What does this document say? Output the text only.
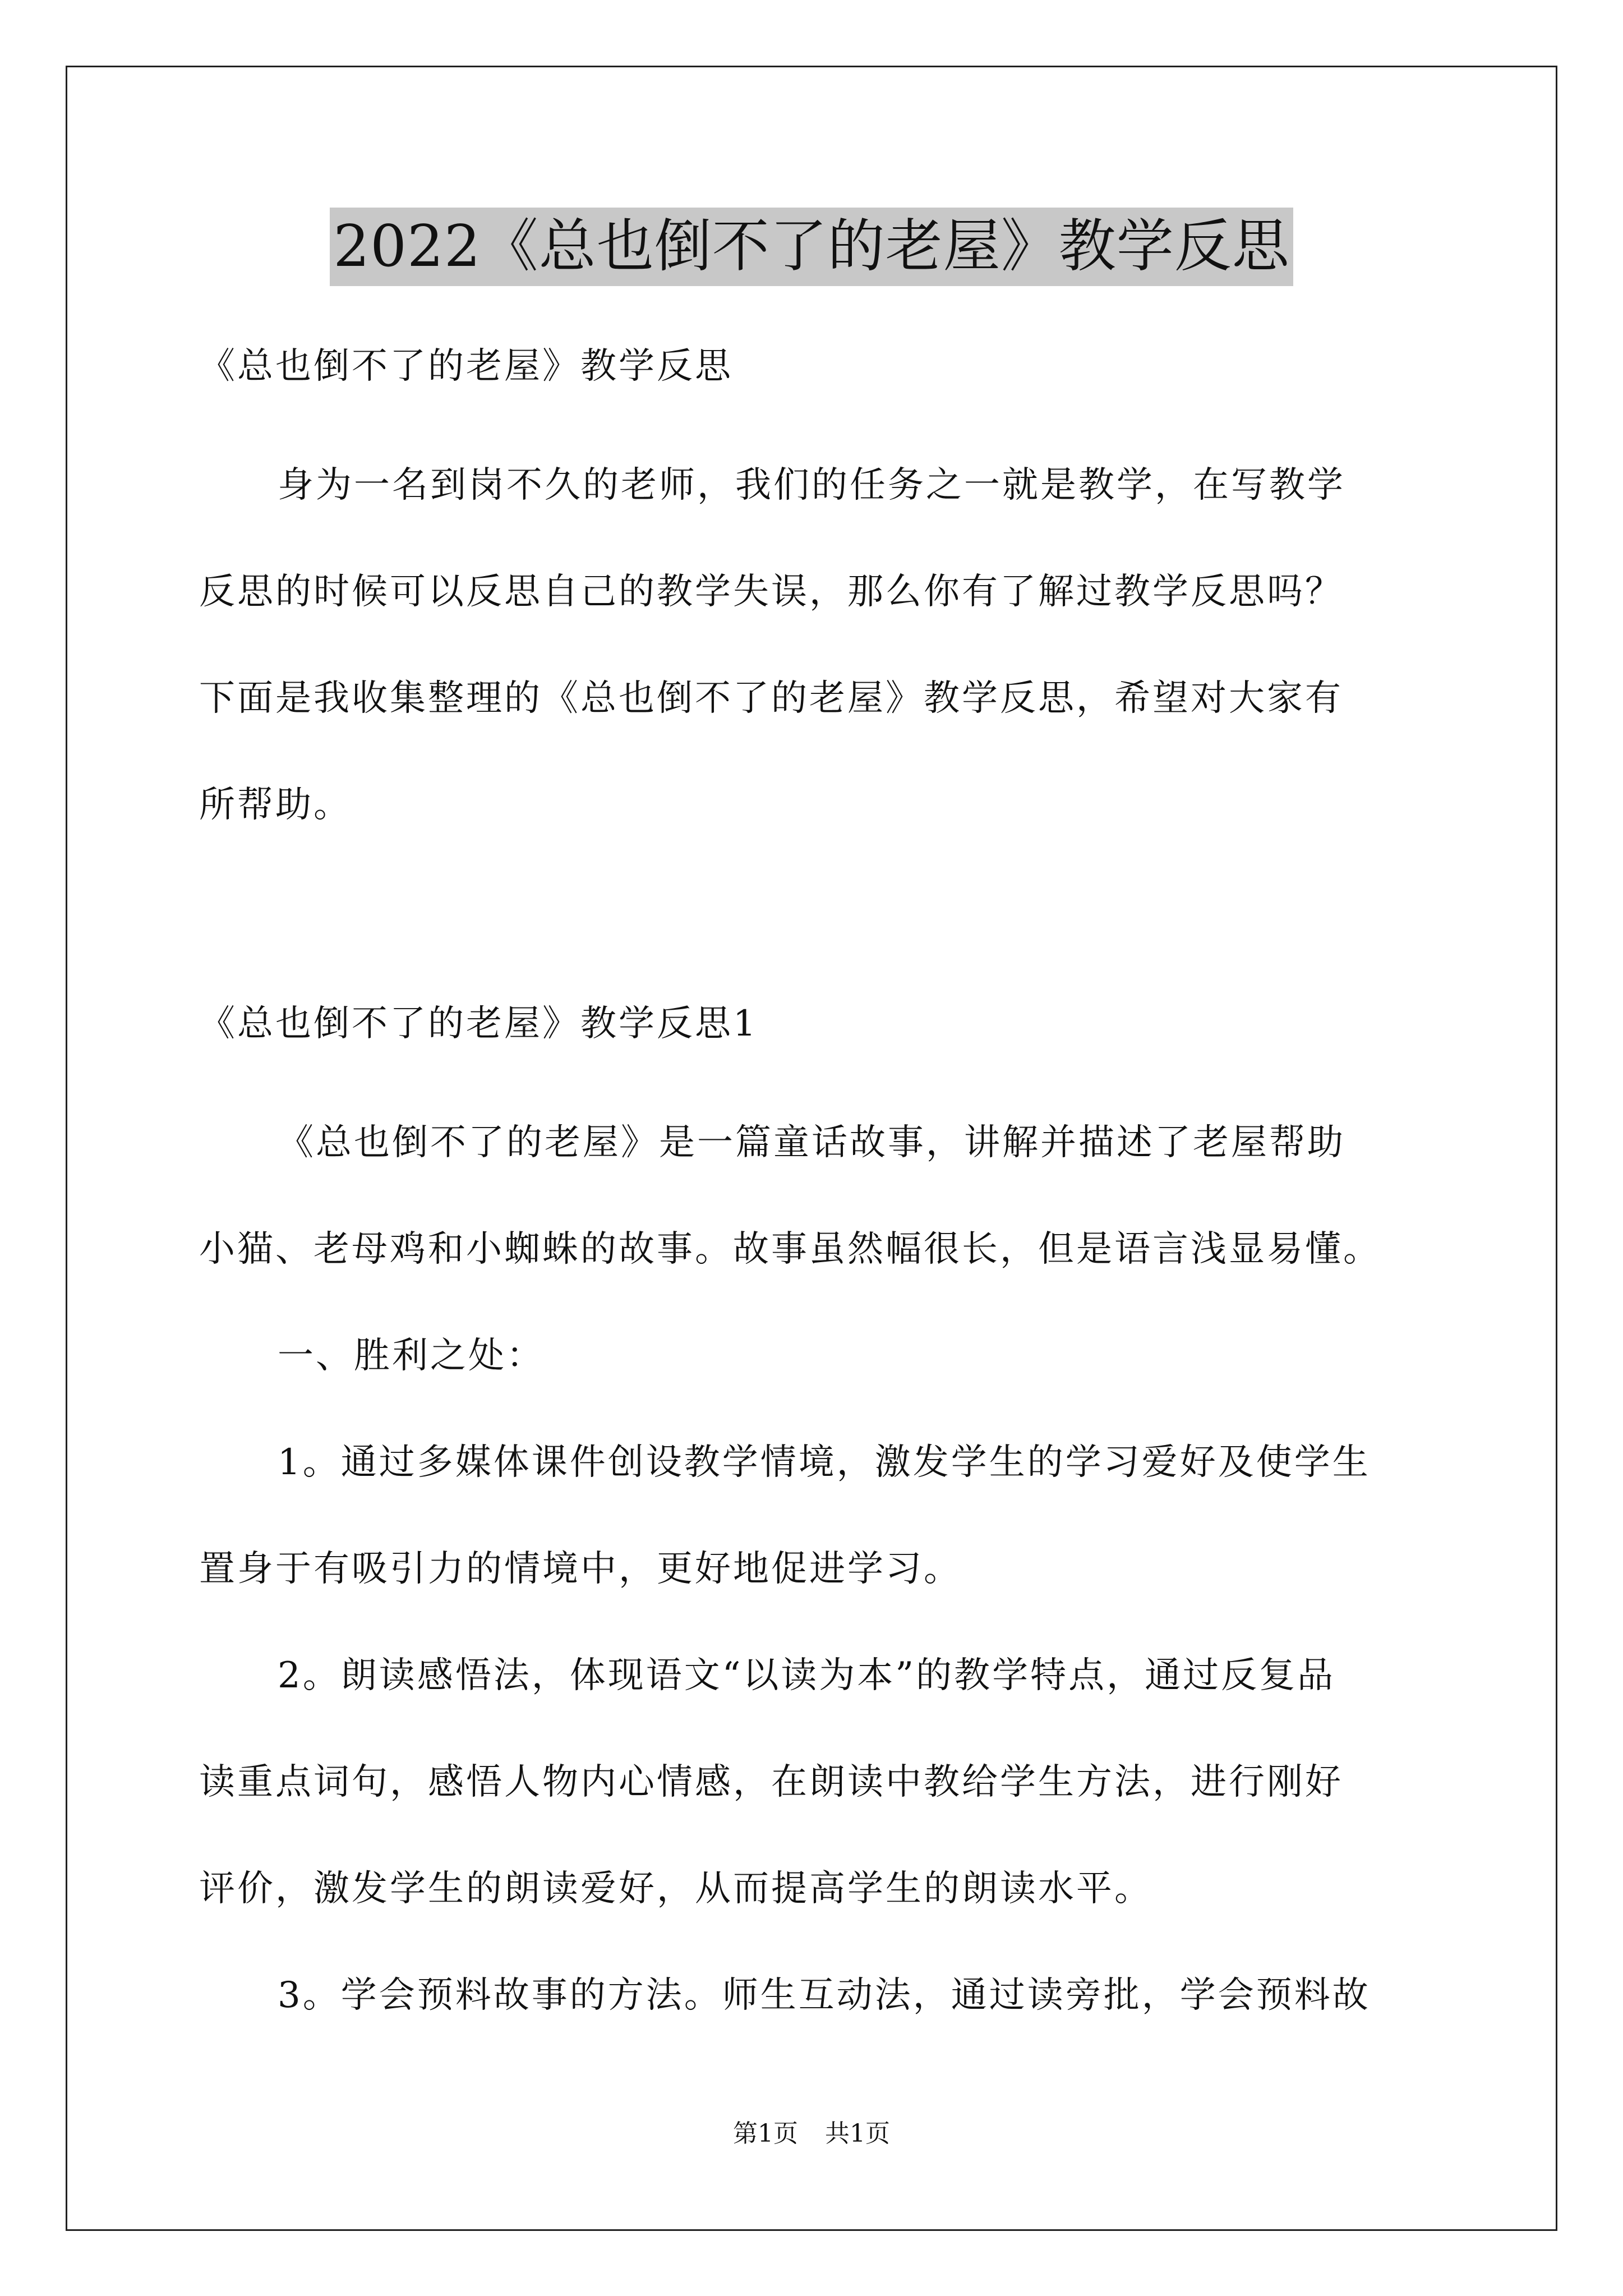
2022《总也倒不了的老屋》教学反思
《总也倒不了的老屋》教学反思
身为一名到岗不久的老师，我们的任务之一就是教学，在写教学
反思的时候可以反思自己的教学失误，那么你有了解过教学反思吗？
下面是我收集整理的《总也倒不了的老屋》教学反思，希望对大家有
所帮助。
《总也倒不了的老屋》教学反思1
《总也倒不了的老屋》是一篇童话故事，讲解并描述了老屋帮助
小猫、老母鸡和小蜘蛛的故事。故事虽然幅很长，但是语言浅显易懂。
一、胜利之处：
1。通过多媒体课件创设教学情境，激发学生的学习爱好及使学生
置身于有吸引力的情境中，更好地促进学习。
2。朗读感悟法，体现语文“以读为本”的教学特点，通过反复品
读重点词句，感悟人物内心情感，在朗读中教给学生方法，进行刚好
评价，激发学生的朗读爱好，从而提高学生的朗读水平。
3。学会预料故事的方法。师生互动法，通过读旁批，学会预料故
第1页 共1页
